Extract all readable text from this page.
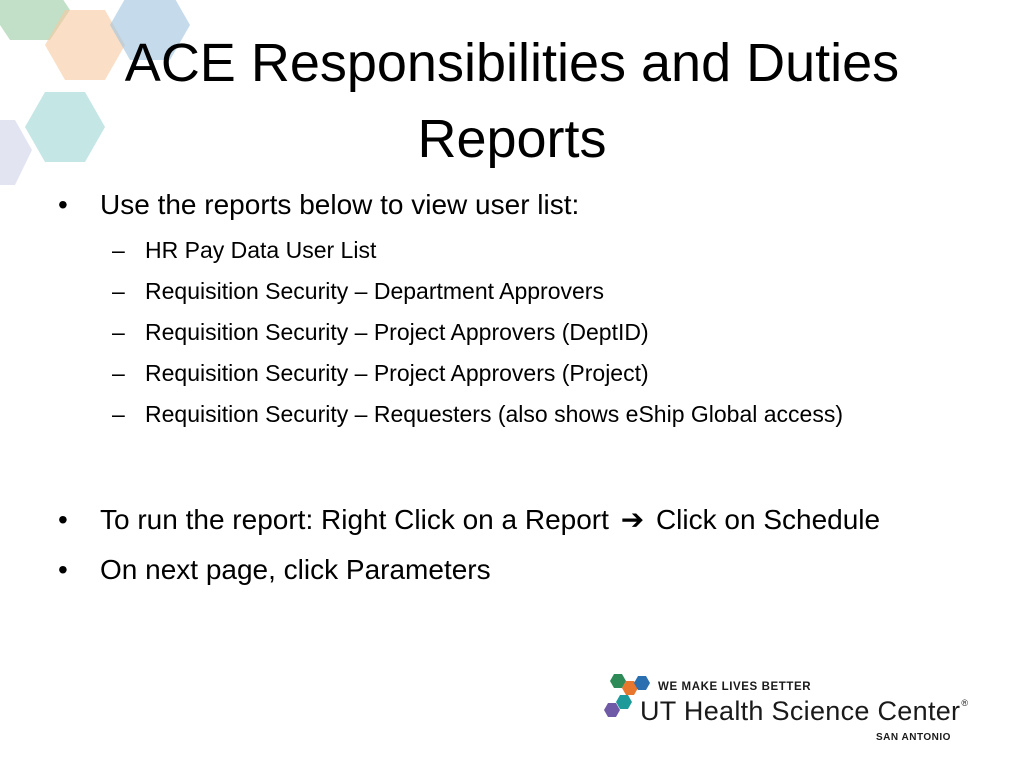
ACE Responsibilities and Duties
Reports
• Use the reports below to view user list:
– HR Pay Data User List
– Requisition Security – Department Approvers
– Requisition Security – Project Approvers (DeptID)
– Requisition Security – Project Approvers (Project)
– Requisition Security – Requesters (also shows eShip Global access)
• To run the report: Right Click on a Report ➔ Click on Schedule
• On next page, click Parameters
WE MAKE LIVES BETTER
UT Health Science Center®
SAN ANTONIO
